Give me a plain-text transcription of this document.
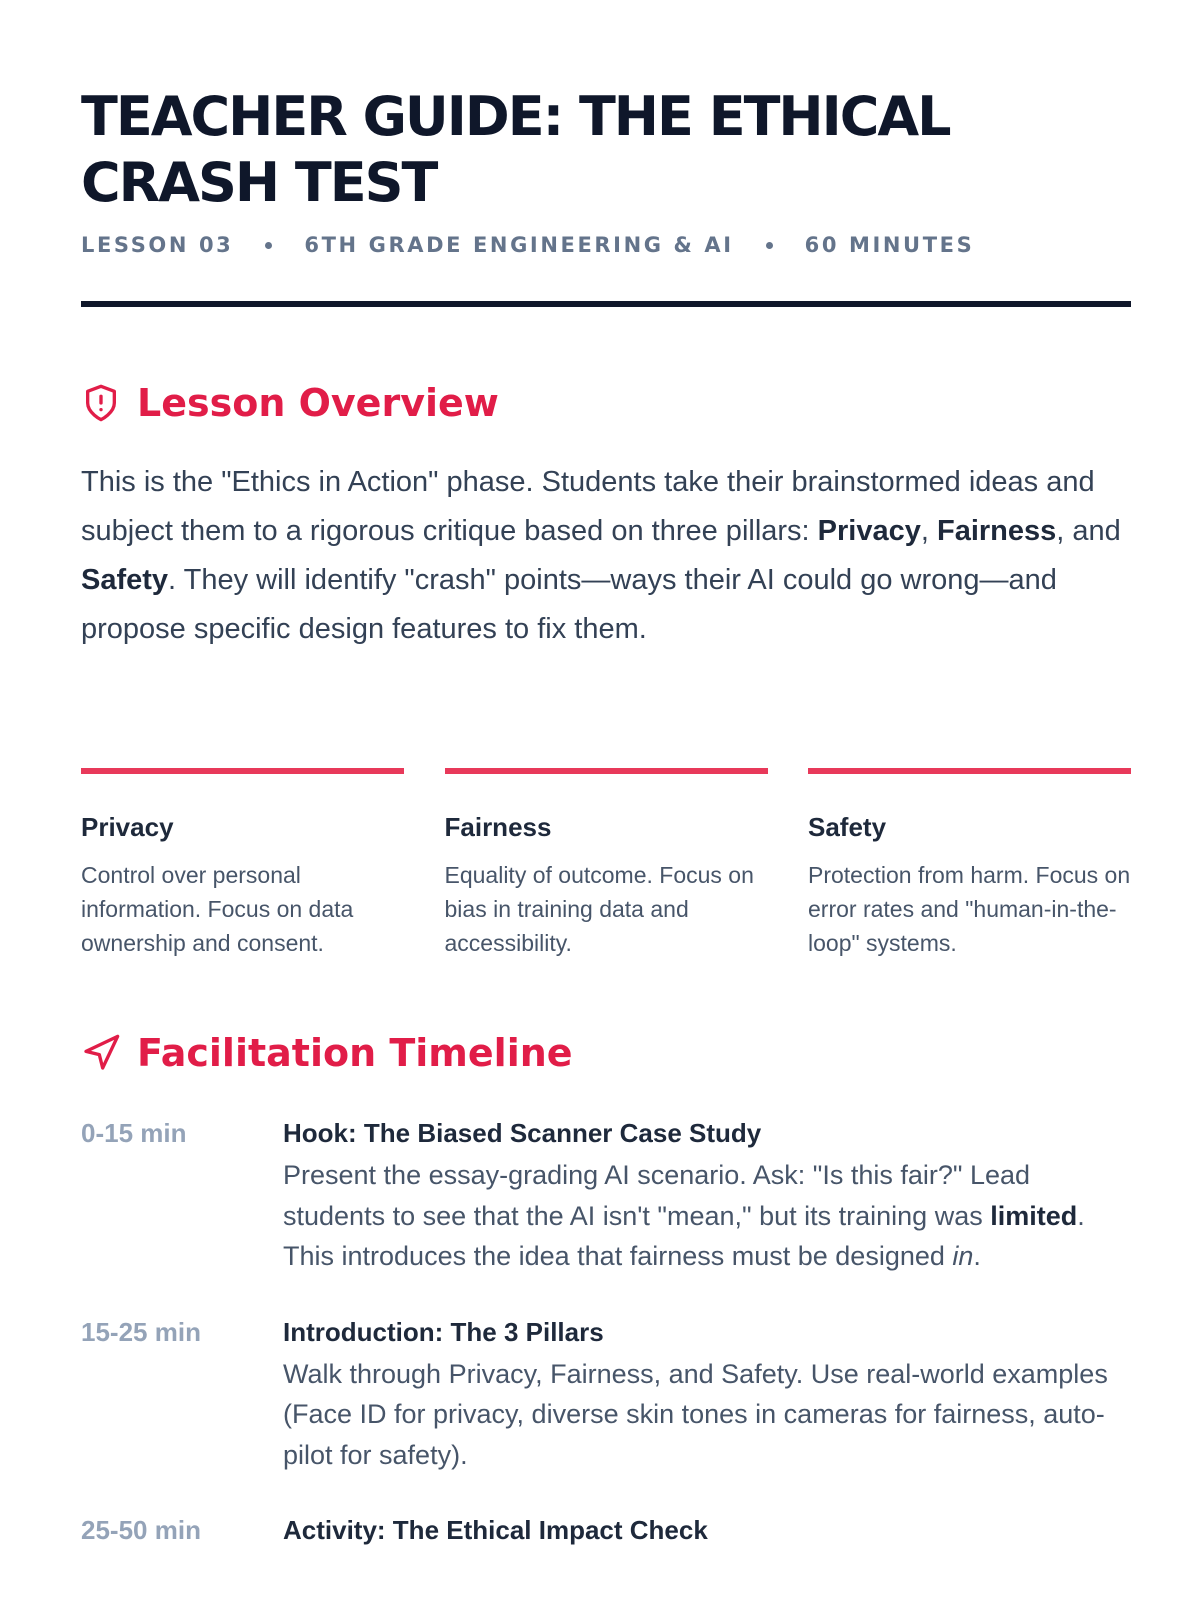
TEACHER GUIDE: THE ETHICAL CRASH TEST
LESSON 03	6TH GRADE ENGINEERING & AI	60 MINUTES
Lesson Overview

This is the "Ethics in Action" phase. Students take their brainstormed ideas and subject them to a rigorous critique based on three pillars: Privacy, Fairness, and Safety. They will identify "crash" points—ways their AI could go wrong—and propose specific design features to fix them.

Privacy
Control over personal information. Focus on data ownership and consent.
Fairness
Equality of outcome. Focus on bias in training data and accessibility.
Safety
Protection from harm. Focus on error rates and "human-in-the-loop" systems.
Facilitation Timeline
0-15 min	Hook: The Biased Scanner Case Study
Present the essay-grading AI scenario. Ask: "Is this fair?" Lead students to see that the AI isn't "mean," but its training was limited. This introduces the idea that fairness must be designed in.
15-25 min	Introduction: The 3 Pillars
Walk through Privacy, Fairness, and Safety. Use real-world examples (Face ID for privacy, diverse skin tones in cameras for fairness, auto-pilot for safety).
25-50 min	Activity: The Ethical Impact Check
